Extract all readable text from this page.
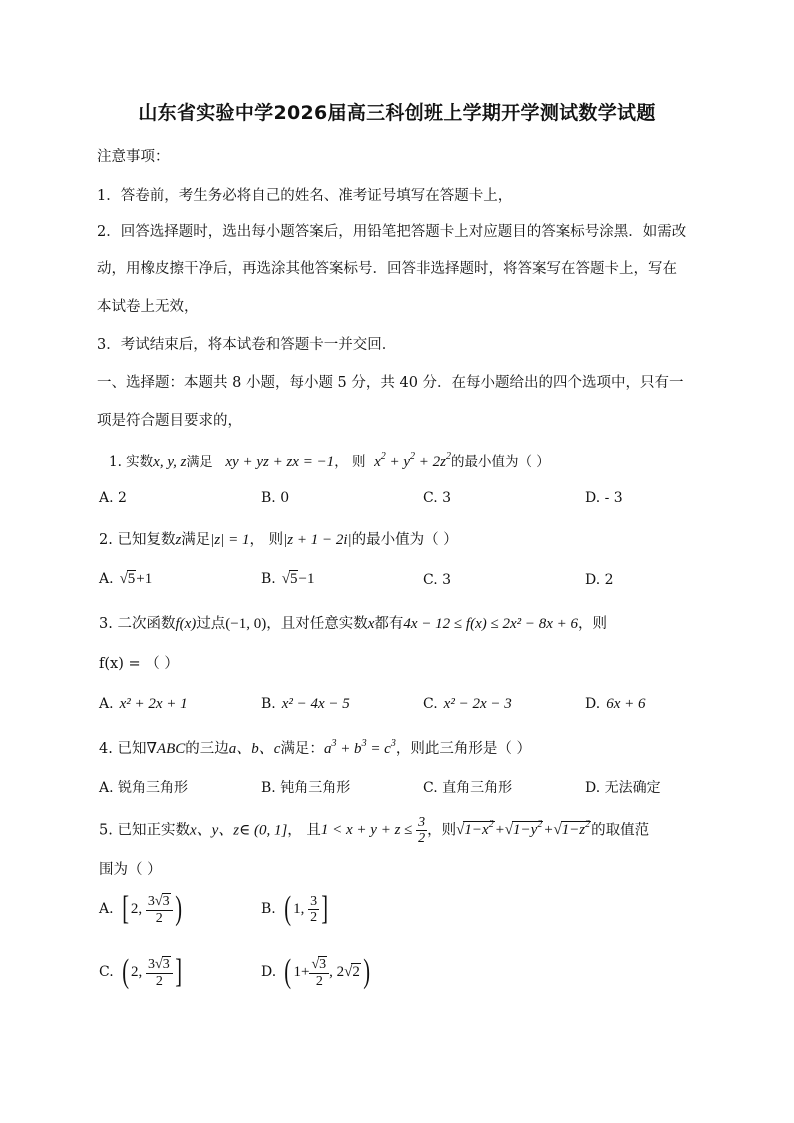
山东省实验中学2026届高三科创班上学期开学测试数学试题
注意事项：
1．答卷前，考生务必将自己的姓名、准考证号填写在答题卡上，
2．回答选择题时，选出每小题答案后，用铅笔把答题卡上对应题目的答案标号涂黑．如需改
动，用橡皮擦干净后，再选涂其他答案标号．回答非选择题时，将答案写在答题卡上，写在
本试卷上无效，
3．考试结束后，将本试卷和答题卡一并交回．
一、选择题：本题共 8 小题，每小题 5 分，共 40 分．在每小题给出的四个选项中，只有一
项是符合题目要求的，
1. 实数x, y, z满足 xy + yz + zx = −1， 则 $x^2 + y^2 + 2z^2$的最小值为（ ）
A. 2	B. 0	C. 3	D. - 3
2. 已知复数z满足|z| = 1， 则|z + 1 − 2i|的最小值为（ ）
A. √5+1	B. √5−1	C. 3	D. 2
3. 二次函数f(x)过点(−1, 0)，且对任意实数x都有4x − 12 ≤ f(x) ≤ 2x² − 8x + 6，则
f(x) = （ ）
A. x² + 2x + 1	B. x² − 4x − 5	C. x² − 2x − 3	D. 6x + 6
4. 已知∇ABC的三边a、b、c满足：$a^3 + b^3 = c^3$，则此三角形是（ ）
A. 锐角三角形	B. 钝角三角形	C. 直角三角形	D. 无法确定
5. 已知正实数x、y、z∈ (0, 1]， 且$1 < x + y + z \le \frac{3}{2}$ ，则$√1-x^2+√1-y^2+√1-z^2$的取值范
围为（ ）
A. [ 2, $\frac{3√3}{2}$ )	B. ( 1, $\frac{3}{2}$ ]
C. ( 2, $\frac{3√3}{2}$ ]	D. ( $1+ \frac{√3}{2}$ , 2√2)
